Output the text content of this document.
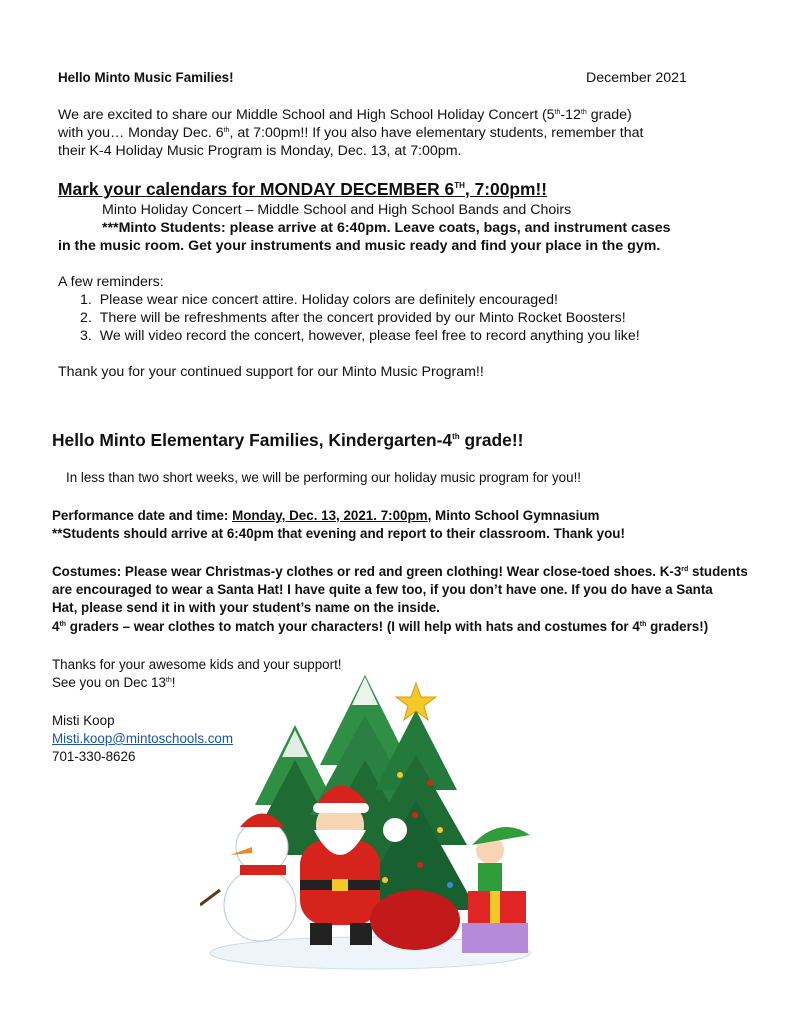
Hello Minto Music Families!	December 2021
We are excited to share our Middle School and High School Holiday Concert (5th-12th grade)
with you… Monday Dec. 6th, at 7:00pm!! If you also have elementary students, remember that
their K-4 Holiday Music Program is Monday, Dec. 13, at 7:00pm.
Mark your calendars for MONDAY DECEMBER 6TH, 7:00pm!!
Minto Holiday Concert – Middle School and High School Bands and Choirs
***Minto Students: please arrive at 6:40pm. Leave coats, bags, and instrument cases
in the music room. Get your instruments and music ready and find your place in the gym.
A few reminders:
1.  Please wear nice concert attire. Holiday colors are definitely encouraged!
2.  There will be refreshments after the concert provided by our Minto Rocket Boosters!
3.  We will video record the concert, however, please feel free to record anything you like!
Thank you for your continued support for our Minto Music Program!!
Hello Minto Elementary Families, Kindergarten-4th grade!!
In less than two short weeks, we will be performing our holiday music program for you!!
Performance date and time: Monday, Dec. 13, 2021. 7:00pm, Minto School Gymnasium
**Students should arrive at 6:40pm that evening and report to their classroom. Thank you!
Costumes: Please wear Christmas-y clothes or red and green clothing! Wear close-toed shoes. K-3rd students
are encouraged to wear a Santa Hat! I have quite a few too, if you don’t have one. If you do have a Santa
Hat, please send it in with your student’s name on the inside.
4th graders – wear clothes to match your characters! (I will help with hats and costumes for 4th graders!)
Thanks for your awesome kids and your support!
See you on Dec 13th!
Misti Koop
Misti.koop@mintoschools.com
701-330-8626
